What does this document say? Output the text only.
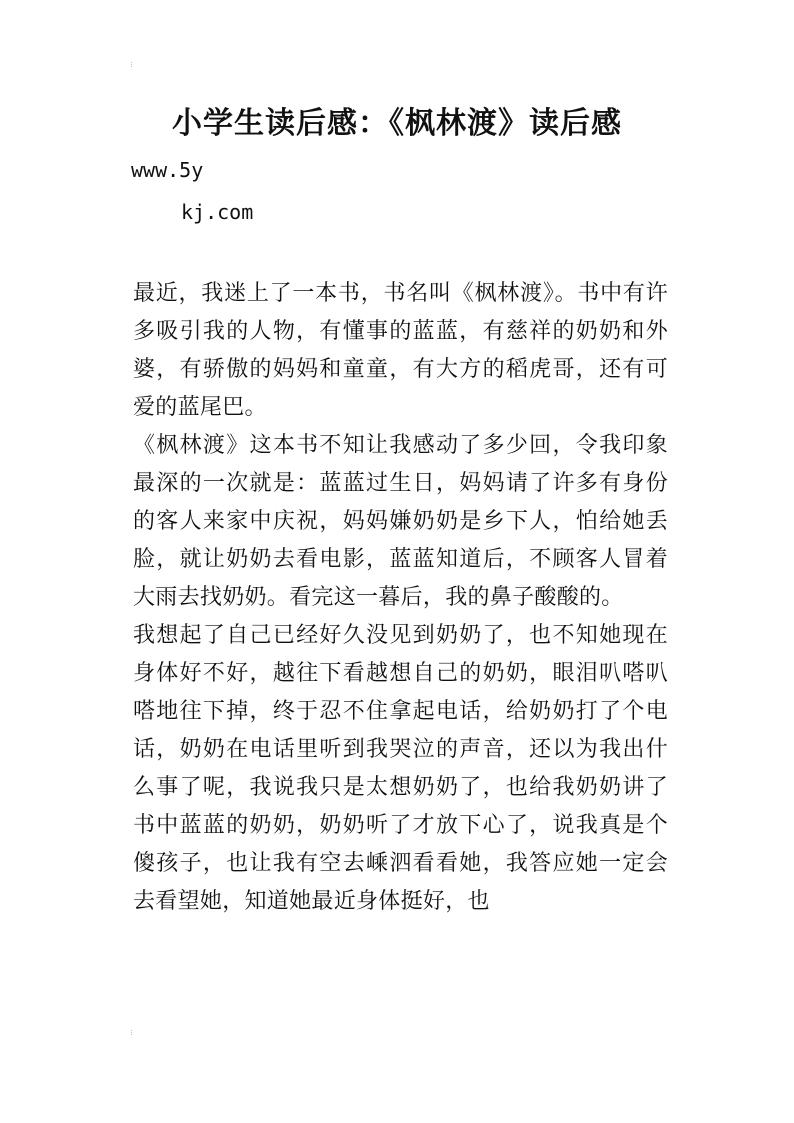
小学生读后感：《枫林渡》读后感
www.5y
kj.com

最近，我迷上了一本书，书名叫《枫林渡》。书中有许多吸引我的人物，有懂事的蓝蓝，有慈祥的奶奶和外婆，有骄傲的妈妈和童童，有大方的稻虎哥，还有可爱的蓝尾巴。

《枫林渡》这本书不知让我感动了多少回，令我印象最深的一次就是：蓝蓝过生日，妈妈请了许多有身份的客人来家中庆祝，妈妈嫌奶奶是乡下人，怕给她丢脸，就让奶奶去看电影，蓝蓝知道后，不顾客人冒着大雨去找奶奶。看完这一暮后，我的鼻子酸酸的。

我想起了自己已经好久没见到奶奶了，也不知她现在身体好不好，越往下看越想自己的奶奶，眼泪叭嗒叭嗒地往下掉，终于忍不住拿起电话，给奶奶打了个电话，奶奶在电话里听到我哭泣的声音，还以为我出什么事了呢，我说我只是太想奶奶了，也给我奶奶讲了书中蓝蓝的奶奶，奶奶听了才放下心了，说我真是个傻孩子，也让我有空去嵊泗看看她，我答应她一定会去看望她，知道她最近身体挺好，也
